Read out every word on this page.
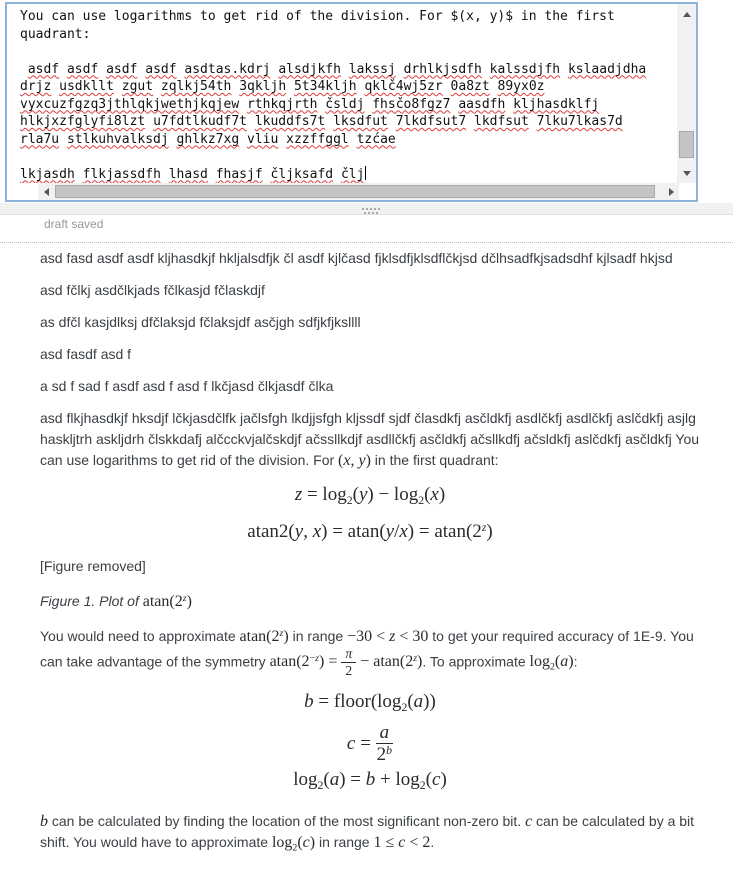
You can use logarithms to get rid of the division. For $(x, y)$ in the first
quadrant:
asdf asdf asdf asdf asdtas.kdrj alsdjkfh lakssj drhlkjsdfh kalssdjfh kslaadjdha
drjz usdkllt zgut zqlkj54th 3qkljh 5t34kljh qklč4wj5zr 0a8zt 89yx0z
vyxcuzfgzq3jthlqkjwethjkqjew rthkqjrth čsldj fhsčo8fgz7 aasdfh kljhasdklfj
hlkjxzfglyfi8lzt u7fdtlkudf7t lkuddfs7t lksdfut 7lkdfsut7 lkdfsut 7lku7lkas7d
rla7u stlkuhvalksdj ghlkz7xg vliu xzzffggl tzćae
lkjasdh flkjassdfh lhasd fhasjf čljksafd člj
draft saved

asd fasd asdf asdf kljhasdkjf hkljalsdfjk čl asdf kjlčasd fjklsdfjklsdflčkjsd dčlhsadfkjsadsdhf kjlsadf hkjsd

asd fčlkj asdčlkjads fčlkasjd fčlaskdjf

as dfčl kasjdlksj dfčlaksjd fčlaksjdf asčjgh sdfjkfjksllll

asd fasdf asd f

a sd f sad f asdf asd f asd f lkčjasd člkjasdf člka

asd flkjhasdkjf hksdjf lčkjasdčlfk jačlsfgh lkdjjsfgh kljssdf sjdf člasdkfj asčldkfj asdlčkfj asdlčkfj aslčdkfj asjlg haskljtrh askljdrh člskkdafj alčcckvjalčskdjf ačssllkdjf asdllčkfj asčldkfj ačsllkdfj ačsldkfj aslčdkfj asčldkfj You can use logarithms to get rid of the division. For (x, y) in the first quadrant:

$z = \log_2(y) - \log_2(x)$
atan2(y, $x) = atan(y/x) = atan(2^z)$

[Figure removed]

Figure 1. Plot of atan(2$^z$)

You would need to approximate atan(2$^z$) in range −30 < z < 30 to get your required accuracy of 1E-9. You can take advantage of the symmetry $atan(2^{-z}) = \frac{\pi}{2} - atan(2^z)$. To approximate $\log_2(a)$:

$b = floor(\log_2(a))$
$c = \frac{a}{2^b}$
$\log_2(a) = b + \log_2(c)$

b can be calculated by finding the location of the most significant non-zero bit. c can be calculated by a bit shift. You would have to approximate $\log_2(c)$ in range 1 ≤ c < 2.
